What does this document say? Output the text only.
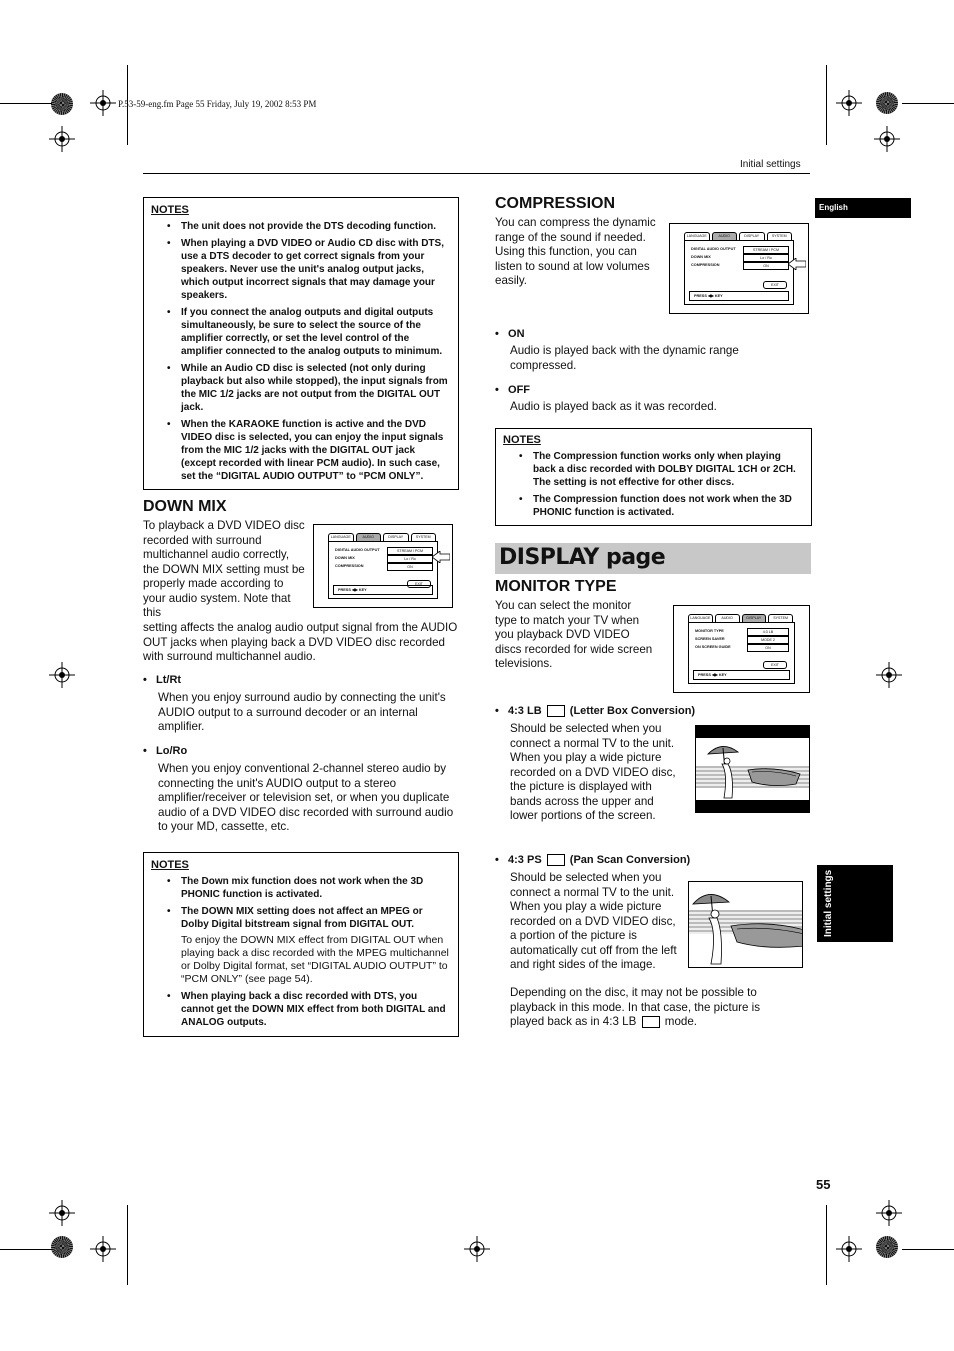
P.53-59-eng.fm Page 55 Friday, July 19, 2002 8:53 PM
Initial settings
English
Initial settings
NOTES
• The unit does not provide the DTS decoding function.
• When playing a DVD VIDEO or Audio CD disc with DTS, use a DTS decoder to get correct signals from your speakers. Never use the unit's analog output jacks, which output incorrect signals that may damage your speakers.
• If you connect the analog outputs and digital outputs simultaneously, be sure to select the source of the amplifier correctly, or set the level control of the amplifier connected to the analog outputs to minimum.
• While an Audio CD disc is selected (not only during playback but also while stopped), the input signals from the MIC 1/2 jacks are not output from the DIGITAL OUT jack.
• When the KARAOKE function is active and the DVD VIDEO disc is selected, you can enjoy the input signals from the MIC 1/2 jacks with the DIGITAL OUT jack (except recorded with linear PCM audio). In such case, set the “DIGITAL AUDIO OUTPUT” to “PCM ONLY”.
DOWN MIX
To playback a DVD VIDEO disc recorded with surround multichannel audio correctly, the DOWN MIX setting must be properly made according to your audio system. Note that this
setting affects the analog audio output signal from the AUDIO OUT jacks when playing back a DVD VIDEO disc recorded with surround multichannel audio.
LANGUAGE	AUDIO	DISPLAY	SYSTEM
DIGITAL AUDIO OUTPUT
DOWN MIX
COMPRESSION
STREAM / PCM
Lo / Ro
ON
EXIT
PRESS ◀▶ KEY
•   Lt/Rt
When you enjoy surround audio by connecting the unit's AUDIO output to a surround decoder or an internal amplifier.
•   Lo/Ro
When you enjoy conventional 2-channel stereo audio by connecting the unit's AUDIO output to a stereo amplifier/receiver or television set, or when you duplicate audio of a DVD VIDEO disc recorded with surround audio to your MD, cassette, etc.
NOTES
• The Down mix function does not work when the 3D PHONIC function is activated.
• The DOWN MIX setting does not affect an MPEG or Dolby Digital bitstream signal from DIGITAL OUT.
To enjoy the DOWN MIX effect from DIGITAL OUT when playing back a disc recorded with the MPEG multichannel or Dolby Digital format, set “DIGITAL AUDIO OUTPUT” to “PCM ONLY” (see page 54).
• When playing back a disc recorded with DTS, you cannot get the DOWN MIX effect from both DIGITAL and ANALOG outputs.
COMPRESSION
You can compress the dynamic range of the sound if needed. Using this function, you can listen to sound at low volumes easily.
LANGUAGE	AUDIO	DISPLAY	SYSTEM
DIGITAL AUDIO OUTPUT
DOWN MIX
COMPRESSION
STREAM / PCM
Lo / Ro
ON
EXIT
PRESS ◀▶ KEY
•   ON
Audio is played back with the dynamic range compressed.
•   OFF
Audio is played back as it was recorded.
NOTES
• The Compression function works only when playing back a disc recorded with DOLBY DIGITAL 1CH or 2CH. The setting is not effective for other discs.
• The Compression function does not work when the 3D PHONIC function is activated.
DISPLAY page
MONITOR TYPE
You can select the monitor type to match your TV when you playback DVD VIDEO discs recorded for wide screen televisions.
LANGUAGE	AUDIO	DISPLAY	SYSTEM
MONITOR TYPE
SCREEN SAVER
ON SCREEN GUIDE
4:3 LB
MODE 2
ON
EXIT
PRESS ◀▶ KEY
•   4:3 LB	(Letter Box Conversion)
Should be selected when you connect a normal TV to the unit. When you play a wide picture recorded on a DVD VIDEO disc, the picture is displayed with bands across the upper and lower portions of the screen.
•   4:3 PS	(Pan Scan Conversion)
Should be selected when you connect a normal TV to the unit. When you play a wide picture recorded on a DVD VIDEO disc, a portion of the picture is automatically cut off from the left and right sides of the image.
Depending on the disc, it may not be possible to playback in this mode. In that case, the picture is played back as in 4:3 LB mode.
55
